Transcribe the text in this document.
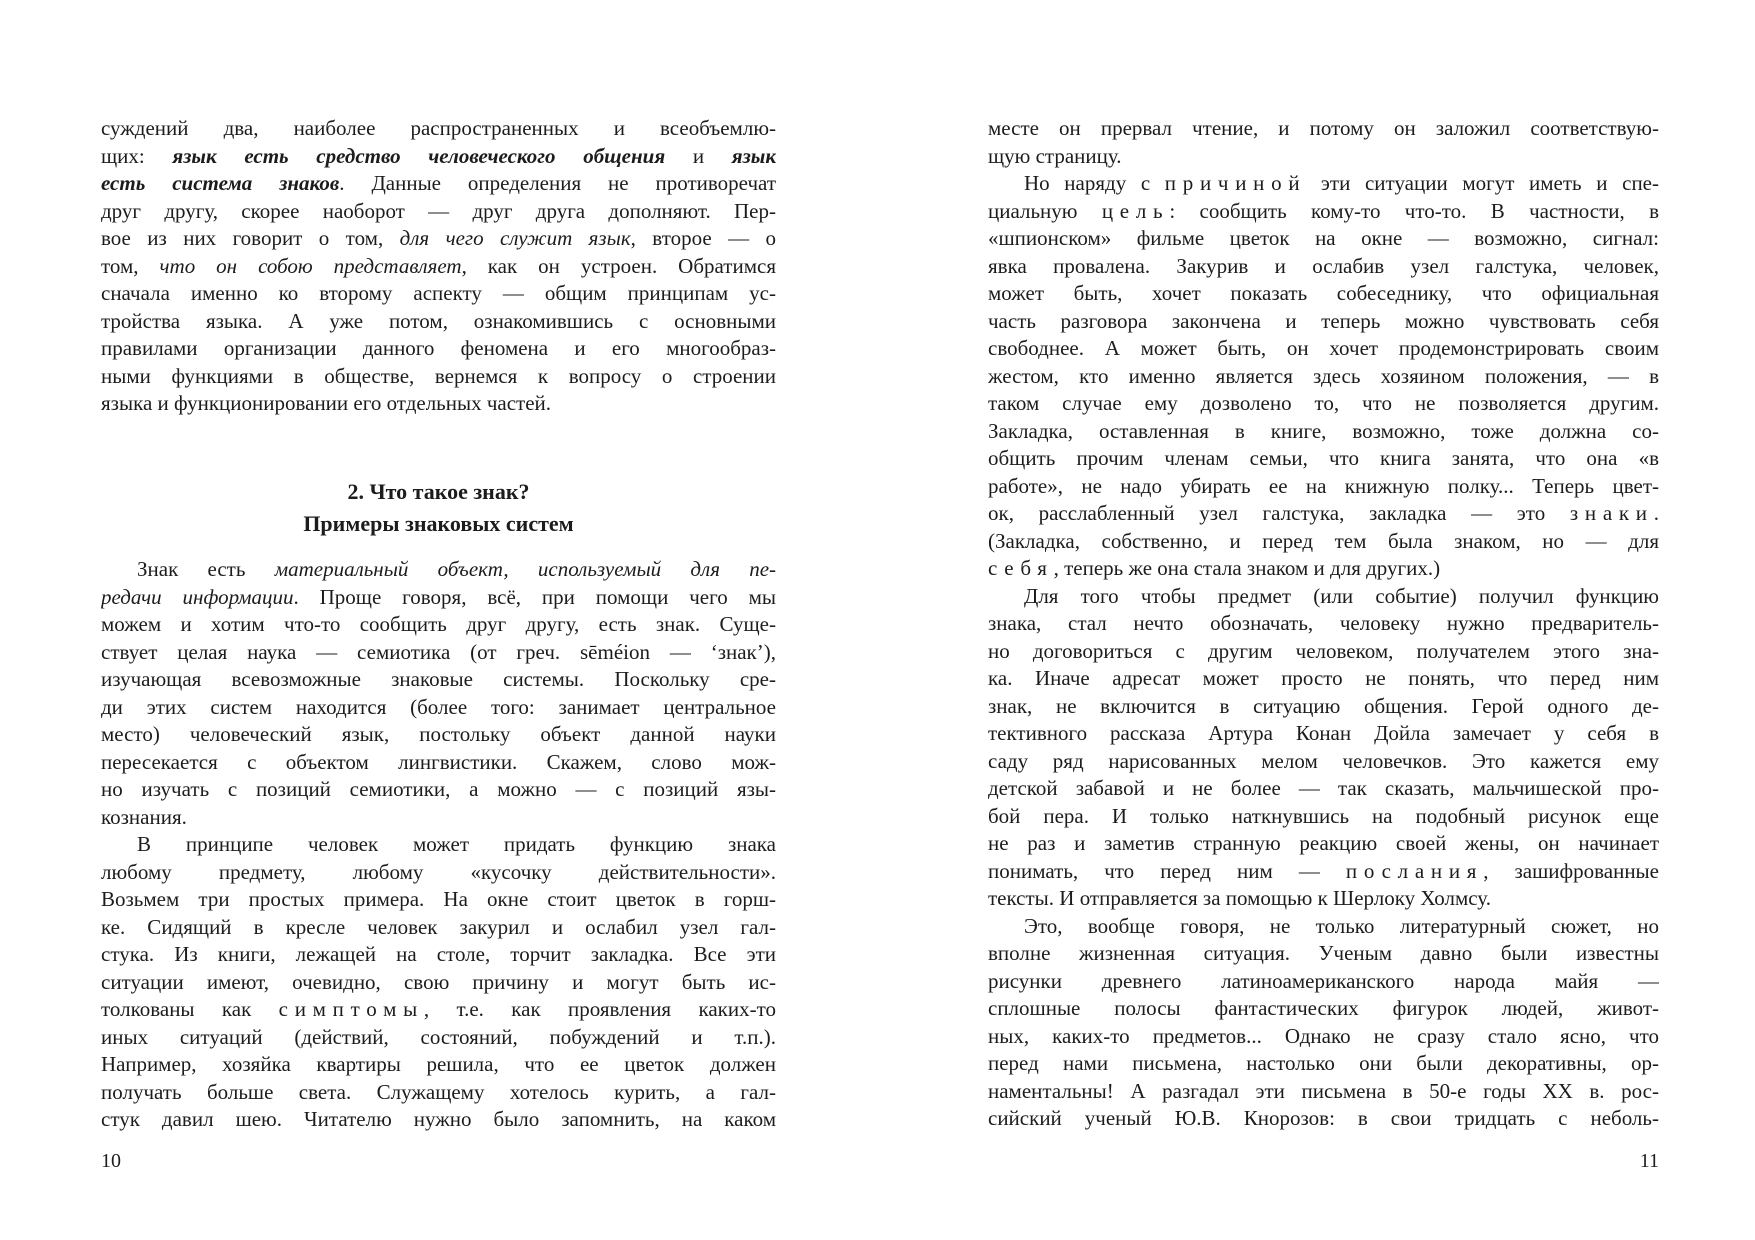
суждений два, наиболее распространенных и всеобъемлю-
щих: язык есть средство человеческого общения и язык
есть система знаков. Данные определения не противоречат
друг другу, скорее наоборот — друг друга дополняют. Пер-
вое из них говорит о том, для чего служит язык, второе — о
том, что он собою представляет, как он устроен. Обратимся
сначала именно ко второму аспекту — общим принципам ус-
тройства языка. А уже потом, ознакомившись с основными
правилами организации данного феномена и его многообраз-
ными функциями в обществе, вернемся к вопросу о строении
языка и функционировании его отдельных частей.
2. Что такое знак?
Примеры знаковых систем
Знак есть материальный объект, используемый для пе-
редачи информации. Проще говоря, всё, при помощи чего мы
можем и хотим что-то сообщить друг другу, есть знак. Суще-
ствует целая наука — семиотика (от греч. sēméion — ‘знак’),
изучающая всевозможные знаковые системы. Поскольку сре-
ди этих систем находится (более того: занимает центральное
место) человеческий язык, постольку объект данной науки
пересекается с объектом лингвистики. Скажем, слово мож-
но изучать с позиций семиотики, а можно — с позиций язы-
кознания.
В принципе человек может придать функцию знака
любому предмету, любому «кусочку действительности».
Возьмем три простых примера. На окне стоит цветок в горш-
ке. Сидящий в кресле человек закурил и ослабил узел гал-
стука. Из книги, лежащей на столе, торчит закладка. Все эти
ситуации имеют, очевидно, свою причину и могут быть ис-
толкованы как симптомы, т.е. как проявления каких-то
иных ситуаций (действий, состояний, побуждений и т.п.).
Например, хозяйка квартиры решила, что ее цветок должен
получать больше света. Служащему хотелось курить, а гал-
стук давил шею. Читателю нужно было запомнить, на каком
10
месте он прервал чтение, и потому он заложил соответствую-
щую страницу.
Но наряду с причиной эти ситуации могут иметь и спе-
циальную цель: сообщить кому-то что-то. В частности, в
«шпионском» фильме цветок на окне — возможно, сигнал:
явка провалена. Закурив и ослабив узел галстука, человек,
может быть, хочет показать собеседнику, что официальная
часть разговора закончена и теперь можно чувствовать себя
свободнее. А может быть, он хочет продемонстрировать своим
жестом, кто именно является здесь хозяином положения, — в
таком случае ему дозволено то, что не позволяется другим.
Закладка, оставленная в книге, возможно, тоже должна со-
общить прочим членам семьи, что книга занята, что она «в
работе», не надо убирать ее на книжную полку... Теперь цвет-
ок, расслабленный узел галстука, закладка — это знаки.
(Закладка, собственно, и перед тем была знаком, но — для
себя, теперь же она стала знаком и для других.)
Для того чтобы предмет (или событие) получил функцию
знака, стал нечто обозначать, человеку нужно предваритель-
но договориться с другим человеком, получателем этого зна-
ка. Иначе адресат может просто не понять, что перед ним
знак, не включится в ситуацию общения. Герой одного де-
тективного рассказа Артура Конан Дойла замечает у себя в
саду ряд нарисованных мелом человечков. Это кажется ему
детской забавой и не более — так сказать, мальчишеской про-
бой пера. И только наткнувшись на подобный рисунок еще
не раз и заметив странную реакцию своей жены, он начинает
понимать, что перед ним — послания, зашифрованные
тексты. И отправляется за помощью к Шерлоку Холмсу.
Это, вообще говоря, не только литературный сюжет, но
вполне жизненная ситуация. Ученым давно были известны
рисунки древнего латиноамериканского народа майя —
сплошные полосы фантастических фигурок людей, живот-
ных, каких-то предметов... Однако не сразу стало ясно, что
перед нами письмена, настолько они были декоративны, ор-
наментальны! А разгадал эти письмена в 50-е годы XX в. рос-
сийский ученый Ю.В. Кнорозов: в свои тридцать с неболь-
11
